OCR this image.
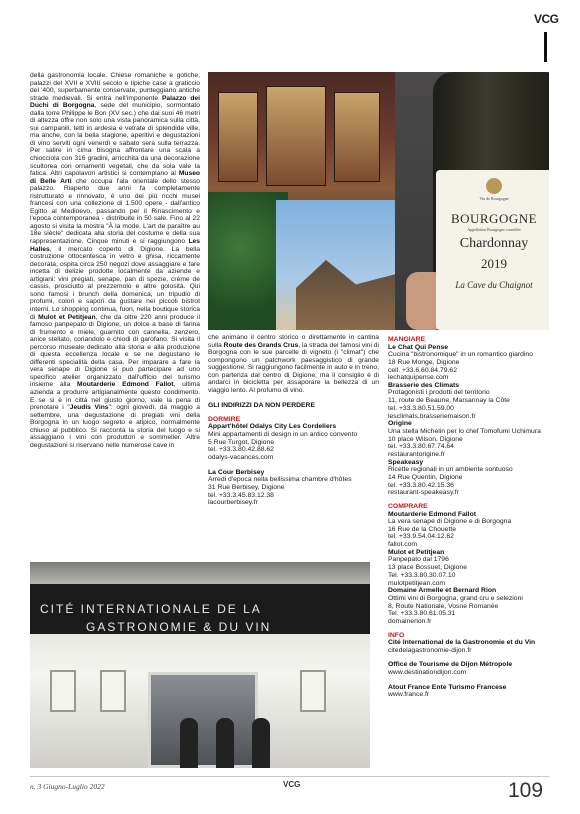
VCG

della gastronomia locale. Chiese romaniche e gotiche, palazzi del XVII e XVIII secolo e tipiche case a graticcio del '400, superbamente conservate, punteggiano antiche strade medievali. Si entra nell'imponente Palazzo dei Duchi di Borgogna, sede del municipio, sormontato dalla torre Philippe le Bon (XV sec.) che dai suoi 46 metri di altezza offre non solo una vista panoramica sulla città, sui campanili, tetti in ardesia e vetrate di splendide ville, ma anche, con la bella stagione, aperitivi e degustazioni di vino serviti ogni venerdì e sabato sera sulla terrazza. Per salire in cima bisogna affrontare una scala a chiocciola con 316 gradini, arricchita da una decorazione scultorea con ornamenti vegetali, che da sola vale la fatica. Altri capolavori artistici si contemplano al Museo di Belle Arti che occupa l'ala orientale dello stesso palazzo. Riaperto due anni fa completamente ristrutturato e rinnovato, è uno dei più ricchi musei francesi con una collezione di 1.500 opere - dall'antico Egitto al Medioevo, passando per il Rinascimento e l'epoca contemporanea - distribuite in 50 sale. Fino al 22 agosto si visita la mostra "À la mode. L'art de paraître au 18e siècle" dedicata alla storia del costume e della sua rappresentazione. Cinque minuti e si raggiungono Les Halles, il mercato coperto di Digione. La bella costruzione ottocentesca in vetro e ghisa, riccamente decorata, ospita circa 250 negozi dove assaggiare e fare incetta di delizie prodotte localmente da aziende e artigiani: vini pregiati, senape, pan di spezie, crème de cassis, prosciutto al prezzemolo e altre golosità. Qui sono famosi i brunch della domenica, un tripudio di profumi, colori e sapori da gustare nei piccoli bistrot interni. Lo shopping continua, fuori, nella boutique storica di Mulot et Petitjean, che da oltre 220 anni produce il famoso panpepato di Digione, un dolce a base di farina di frumento e miele, guarnito con cannella, zenzero, anice stellato, coriandolo e chiodi di garofano. Si visita il percorso museale dedicato alla storia e alla produzione di questa eccellenza locale e se ne degustano le differenti specialità della casa. Per imparare a fare la vera senape di Digione si può partecipare ad uno specifico atelier organizzato dall'ufficio del turismo insieme alla Moutarderie Edmond Fallot, ultima azienda a produrre artigianalmente questo condimento. E se si è in città nel giusto giorno, vale la pena di prenotare i "Jeudis Vins": ogni giovedì, da maggio a settembre, una degustazione di pregiati vini della Borgogna in un luogo segreto e atipico, normalmente chiuso al pubblico. Si racconta la storia del luogo e si assaggiano i vini con produttori e sommelier. Altre degustazioni si riservano nelle numerose cave in

Vin de Bourgogne
BOURGOGNE
Appellation Bourgogne contrôlée
Chardonnay
2019
La Cave du Chaignot
che animano il centro storico o direttamente in cantina sulla Route des Grands Crus, la strada dei famosi vini di Borgogna con le sue parcelle di vigneto (i "climat") che compongono un patchwork paesaggistico di grande suggestione. Si raggiungono facilmente in auto e in treno, con partenza dal centro di Digione, ma il consiglio è di andarci in bicicletta per assaporare la bellezza di un viaggio lento. Al profumo di vino.
GLI INDIRIZZI DA NON PERDERE
DORMIRE
Appart'hôtel Odalys City Les Cordeliers
Mini appartamenti di design in un antico convento
5 Rue Turgot, Digione
tel. +33.3.80.42.88.62
odalys-vacances.com
La Cour Berbisey
Arredi d'epoca nella bellissima chambre d'hôtes
31 Rue Berbisey, Digione
tel. +33.3.45.83.12.38
lacourberbisey.fr
MANGIARE
Le Chat Qui Pense
Cucina "bistronomique" in un romantico giardino
18 Rue Monge, Digione
cell. +33.6.60.84.79.62
lechatquipense.com
Brasserie des Climats
Protagonisti i prodotti del territorio
11, route de Beaune, Marsannay la Côte
tel. +33.3.80.51.59.00
lesclimats.brasseriemaison.fr
Origine
Una stella Michelin per lo chef Tomofumi Uchimura
10 place Wilson, Digione
tel. +33.3.80.67.74.64
restaurantorigine.fr
Speakeasy
Ricette regionali in un ambiente sontuoso
14 Rue Quentin, Digione
tel. +33.3.80.42.15.36
restaurant-speakeasy.fr
COMPRARE
Moutarderie Edmond Fallot
La vera senape di Digione e di Borgogna
16 Rue de la Chouette
tel. +33.9.54.04.12.62
fallot.com
Mulot et Petitjean
Panpepato dal 1796
13 place Bossuet, Digione
Tel. +33.3.80.30.07.10
mulotpetitjean.com
Domaine Armelle et Bernard Rion
Ottimi vini di Borgogna, grand cru e selezioni
8, Route Nationale, Vosne Romanée
Tel. +33.3.80.61.05.31
domainerion.fr
INFO
Cité International de la Gastronomie et du Vin
citedelagastronomie-dijon.fr
Office de Tourisme de Dijon Métropole
www.destinationdijon.com
Atout France Ente Turismo Francese
www.france.fr
CITÉ INTERNATIONALE DE LA
GASTRONOMIE & DU VIN
n. 3 Giugno-Luglio 2022	VCG	109
